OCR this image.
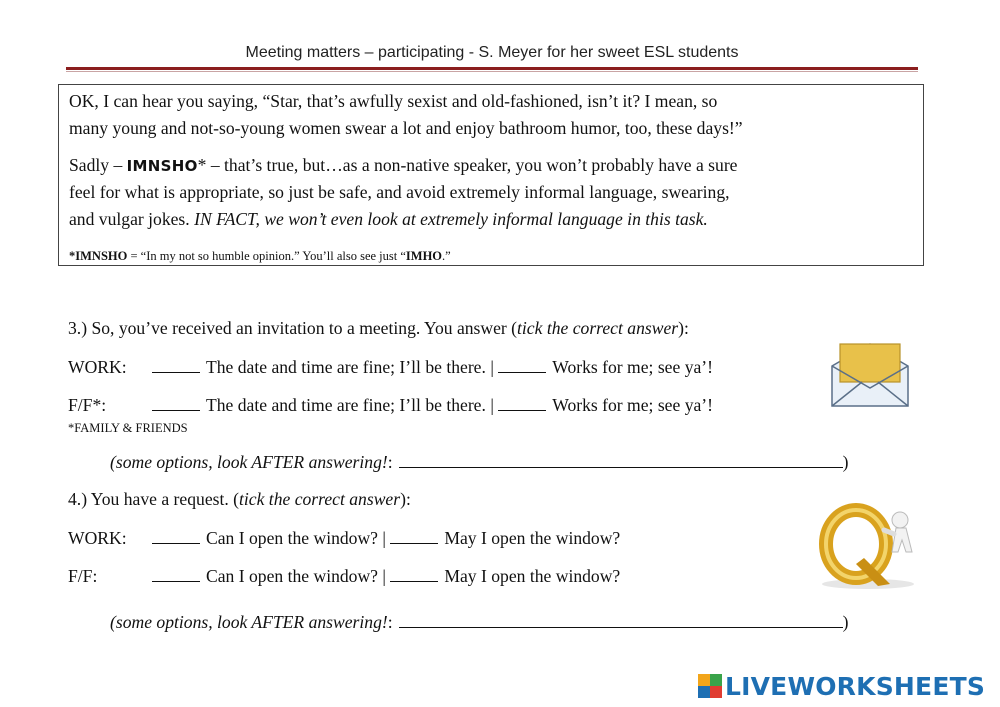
Meeting matters – participating - S. Meyer for her sweet ESL students
OK, I can hear you saying, “Star, that’s awfully sexist and old-fashioned, isn’t it? I mean, so
many young and not-so-young women swear a lot and enjoy bathroom humor, too, these days!”
Sadly – IMNSHO* – that’s true, but…as a non-native speaker, you won’t probably have a sure
feel for what is appropriate, so just be safe, and avoid extremely informal language, swearing,
and vulgar jokes. IN FACT, we won’t even look at extremely informal language in this task.
*IMNSHO = “In my not so humble opinion.” You’ll also see just “IMHO.”
3.) So, you’ve received an invitation to a meeting. You answer (tick the correct answer):
WORK:	The date and time are fine; I’ll be there. |	Works for me; see ya’!
F/F*:	The date and time are fine; I’ll be there. |	Works for me; see ya’!
*FAMILY & FRIENDS
(some options, look AFTER answering!:	)
4.) You have a request. (tick the correct answer):
WORK:	Can I open the window? |	May I open the window?
F/F:	Can I open the window? |	May I open the window?
(some options, look AFTER answering!:	)
LIVEWORKSHEETS
